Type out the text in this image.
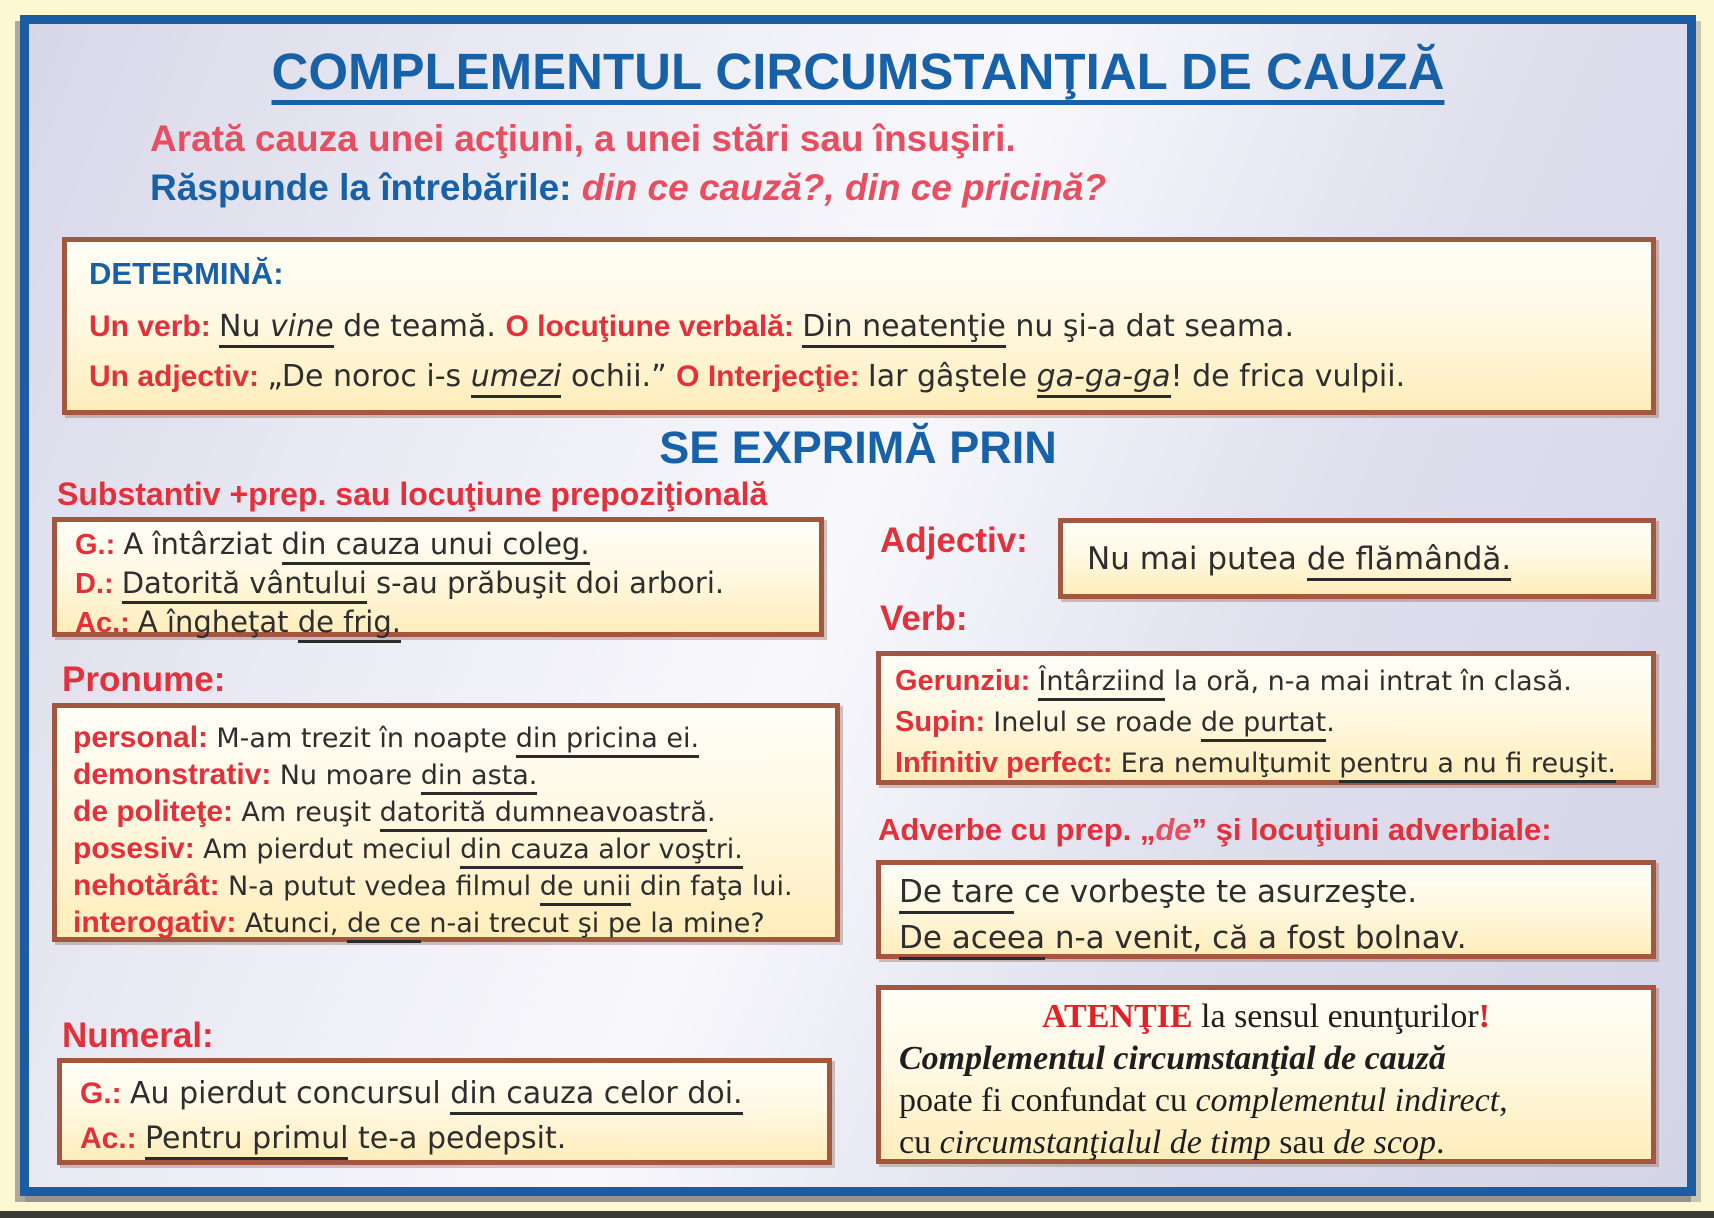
COMPLEMENTUL CIRCUMSTANŢIAL DE CAUZĂ
Arată cauza unei acţiuni, a unei stări sau însuşiri.
Răspunde la întrebările: din ce cauză?, din ce pricină?
DETERMINĂ:
Un verb: Nu vine de teamă. O locuţiune verbală: Din neatenţie nu şi-a dat seama.
Un adjectiv: „De noroc i-s umezi ochii.” O Interjecţie: Iar gâştele ga-ga-ga! de frica vulpii.
SE EXPRIMĂ PRIN
Substantiv +prep. sau locuţiune prepoziţională
G.: A întârziat din cauza unui coleg.
D.: Datorită vântului s-au prăbuşit doi arbori.
Ac.: A îngheţat de frig.
Pronume:
personal: M-am trezit în noapte din pricina ei.
demonstrativ: Nu moare din asta.
de politeţe: Am reuşit datorită dumneavoastră.
posesiv: Am pierdut meciul din cauza alor voştri.
nehotărât: N-a putut vedea filmul de unii din faţa lui.
interogativ: Atunci, de ce n-ai trecut şi pe la mine?
Numeral:
G.: Au pierdut concursul din cauza celor doi.
Ac.: Pentru primul te-a pedepsit.
Adjectiv: Nu mai putea de flămândă.
Verb:
Gerunziu: Întârziind la oră, n-a mai intrat în clasă.
Supin: Inelul se roade de purtat.
Infinitiv perfect: Era nemulţumit pentru a nu fi reuşit.
Adverbe cu prep. „de” şi locuţiuni adverbiale:
De tare ce vorbeşte te asurzeşte.
De aceea n-a venit, că a fost bolnav.
ATENŢIE la sensul enunţurilor!
Complementul circumstanţial de cauză
poate fi confundat cu complementul indirect,
cu circumstanţialul de timp sau de scop.
